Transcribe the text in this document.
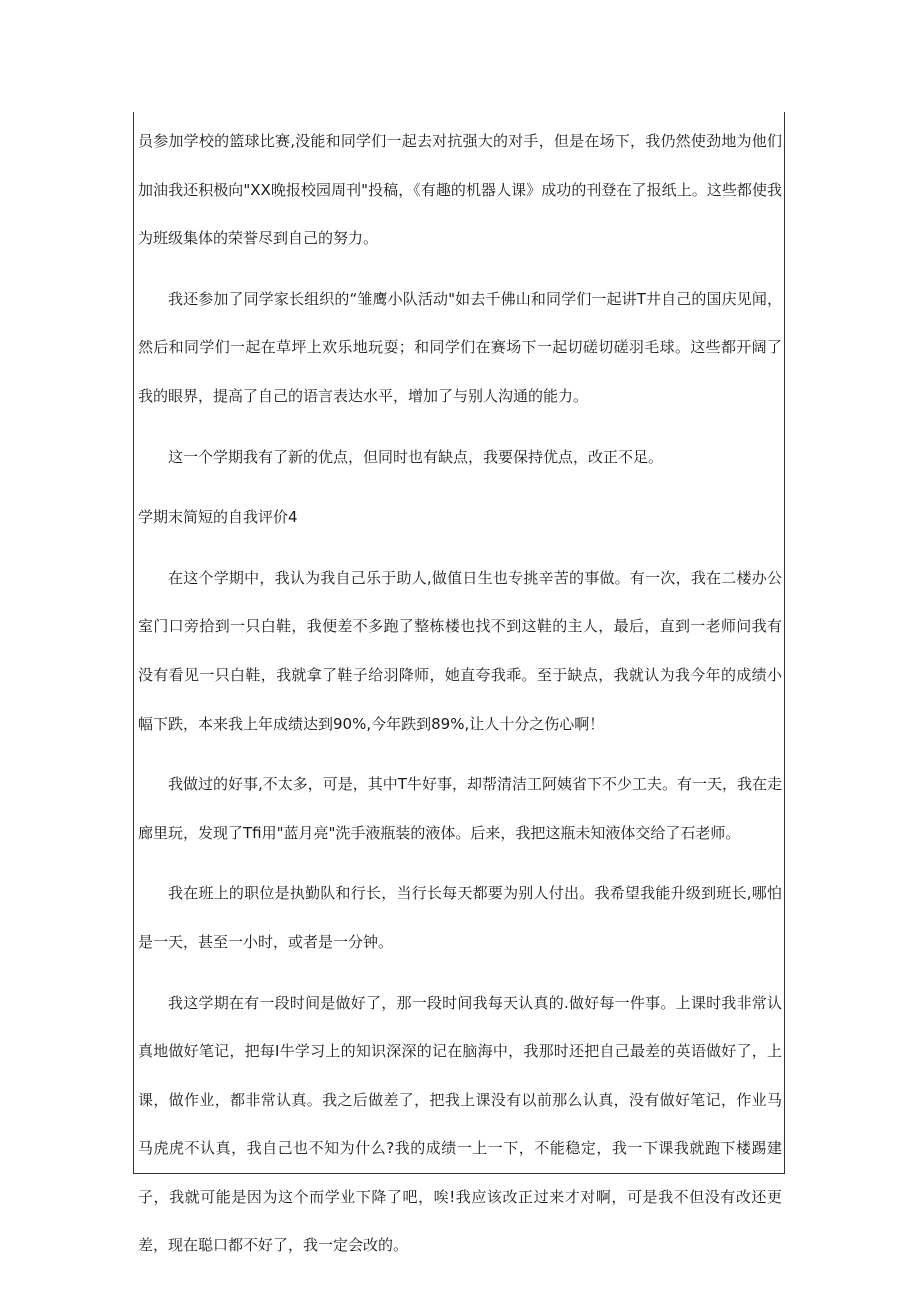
员参加学校的篮球比赛,没能和同学们一起去对抗强大的对手，但是在场下，我仍然使劲地为他们加油我还积极向"XX晚报校园周刊"投稿，《有趣的机器人课》成功的刊登在了报纸上。这些都使我为班级集体的荣誉尽到自己的努力。

我还参加了同学家长组织的“雏鹰小队活动"如去千佛山和同学们一起讲T井自己的国庆见闻，然后和同学们一起在草坪上欢乐地玩耍；和同学们在赛场下一起切磋切磋羽毛球。这些都开阔了我的眼界，提高了自己的语言表达水平，增加了与别人沟通的能力。

这一个学期我有了新的优点，但同时也有缺点，我要保持优点，改正不足。

学期末简短的自我评价4

在这个学期中，我认为我自己乐于助人,做值日生也专挑辛苦的事做。有一次，我在二楼办公室门口旁拾到一只白鞋，我便差不多跑了整栋楼也找不到这鞋的主人，最后，直到一老师问我有没有看见一只白鞋，我就拿了鞋子给羽降师，她直夸我乖。至于缺点，我就认为我今年的成绩小幅下跌，本来我上年成绩达到90%,今年跌到89%,让人十分之伤心啊！

我做过的好事,不太多，可是，其中T牛好事，却帮清洁工阿姨省下不少工夫。有一天，我在走廊里玩，发现了Tfi用"蓝月亮"洗手液瓶装的液体。后来，我把这瓶未知液体交给了石老师。

我在班上的职位是执勤队和行长，当行长每天都要为别人付出。我希望我能升级到班长,哪怕是一天，甚至一小时，或者是一分钟。

我这学期在有一段时间是做好了，那一段时间我每天认真的.做好每一件事。上课时我非常认真地做好笔记，把每I牛学习上的知识深深的记在脑海中，我那时还把自己最差的英语做好了，上课，做作业，都非常认真。我之后做差了，把我上课没有以前那么认真，没有做好笔记，作业马马虎虎不认真，我自己也不知为什么?我的成绩一上一下，不能稳定，我一下课我就跑下楼踢建子，我就可能是因为这个而学业下降了吧，唉!我应该改正过来才对啊，可是我不但没有改还更差，现在聪口都不好了，我一定会改的。
